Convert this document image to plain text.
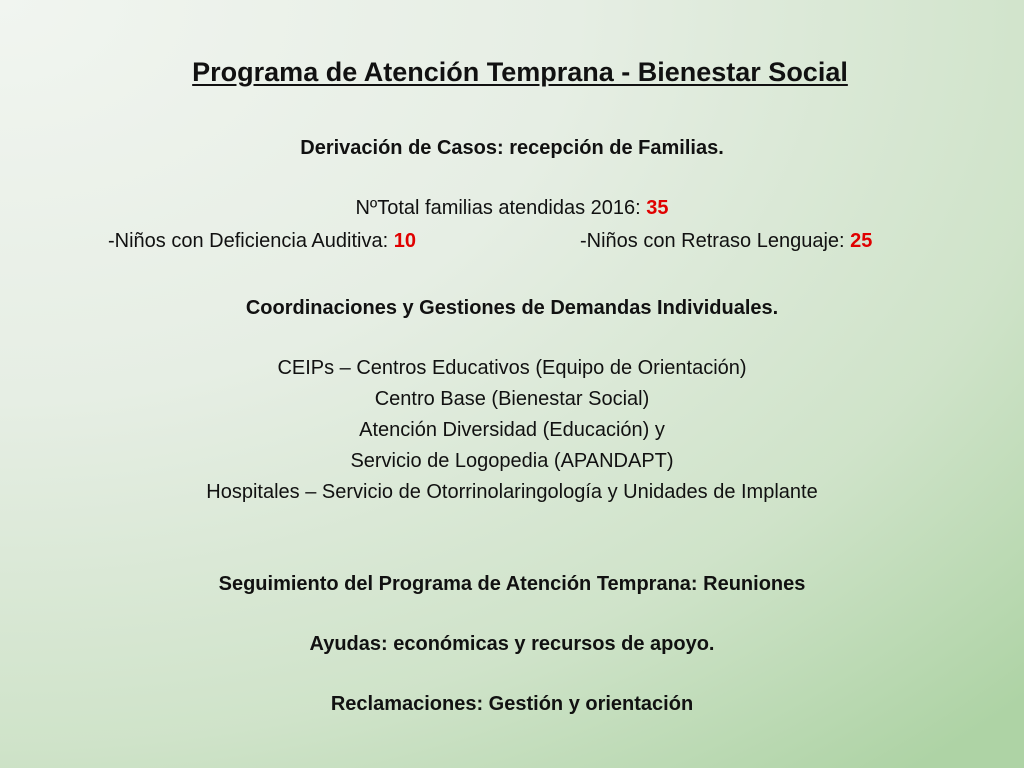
Programa de Atención Temprana - Bienestar Social
Derivación de Casos: recepción de Familias.
NºTotal familias atendidas 2016: 35
-Niños con Deficiencia Auditiva: 10	-Niños con Retraso Lenguaje: 25
Coordinaciones y Gestiones de Demandas Individuales.
CEIPs – Centros Educativos (Equipo de Orientación)
Centro Base (Bienestar Social)
Atención Diversidad (Educación) y
Servicio de Logopedia (APANDAPT)
Hospitales – Servicio de Otorrinolaringología y Unidades de Implante
Seguimiento del Programa de Atención Temprana: Reuniones
Ayudas: económicas y recursos de apoyo.
Reclamaciones: Gestión y orientación
